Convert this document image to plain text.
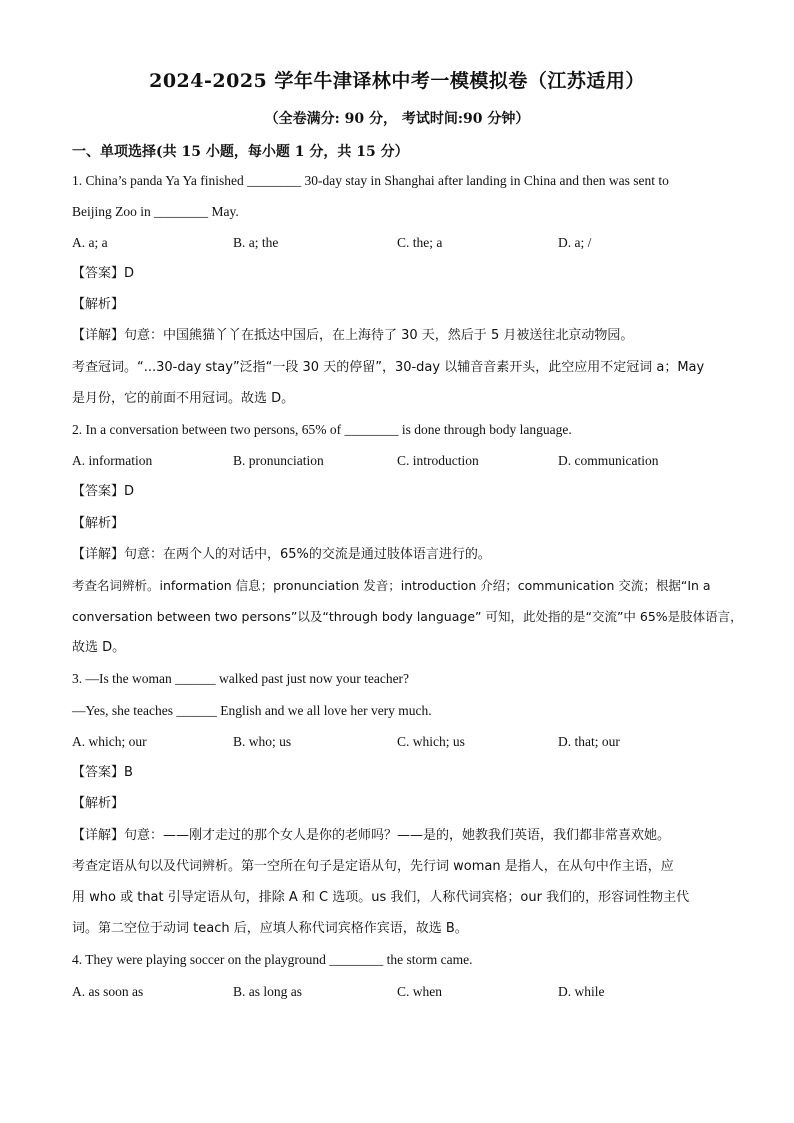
2024-2025 学年牛津译林中考一模模拟卷（江苏适用）
（全卷满分: 90 分， 考试时间:90 分钟）
一、单项选择(共 15 小题，每小题 1 分，共 15 分）
1. China’s panda Ya Ya finished ________ 30-day stay in Shanghai after landing in China and then was sent to
Beijing Zoo in ________ May.
A. a; a	B. a; the	C. the; a	D. a; /
【答案】D
【解析】
【详解】句意：中国熊猫丫丫在抵达中国后，在上海待了 30 天，然后于 5 月被送往北京动物园。
考查冠词。“...30-day stay”泛指“一段 30 天的停留”，30-day 以辅音音素开头，此空应用不定冠词 a；May
是月份，它的前面不用冠词。故选 D。
2. In a conversation between two persons, 65% of ________ is done through body language.
A. information	B. pronunciation	C. introduction	D. communication
【答案】D
【解析】
【详解】句意：在两个人的对话中，65%的交流是通过肢体语言进行的。
考查名词辨析。information 信息；pronunciation 发音；introduction 介绍；communication 交流；根据“In a
conversation between two persons”以及“through body language” 可知，此处指的是“交流”中 65%是肢体语言，
故选 D。
3. —Is the woman ______ walked past just now your teacher?
—Yes, she teaches ______ English and we all love her very much.
A. which; our	B. who; us	C. which; us	D. that; our
【答案】B
【解析】
【详解】句意：——刚才走过的那个女人是你的老师吗？——是的，她教我们英语，我们都非常喜欢她。
考查定语从句以及代词辨析。第一空所在句子是定语从句，先行词 woman 是指人，在从句中作主语，应
用 who 或 that 引导定语从句，排除 A 和 C 选项。us 我们，人称代词宾格；our 我们的，形容词性物主代
词。第二空位于动词 teach 后，应填人称代词宾格作宾语，故选 B。
4. They were playing soccer on the playground ________ the storm came.
A. as soon as	B. as long as	C. when	D. while
